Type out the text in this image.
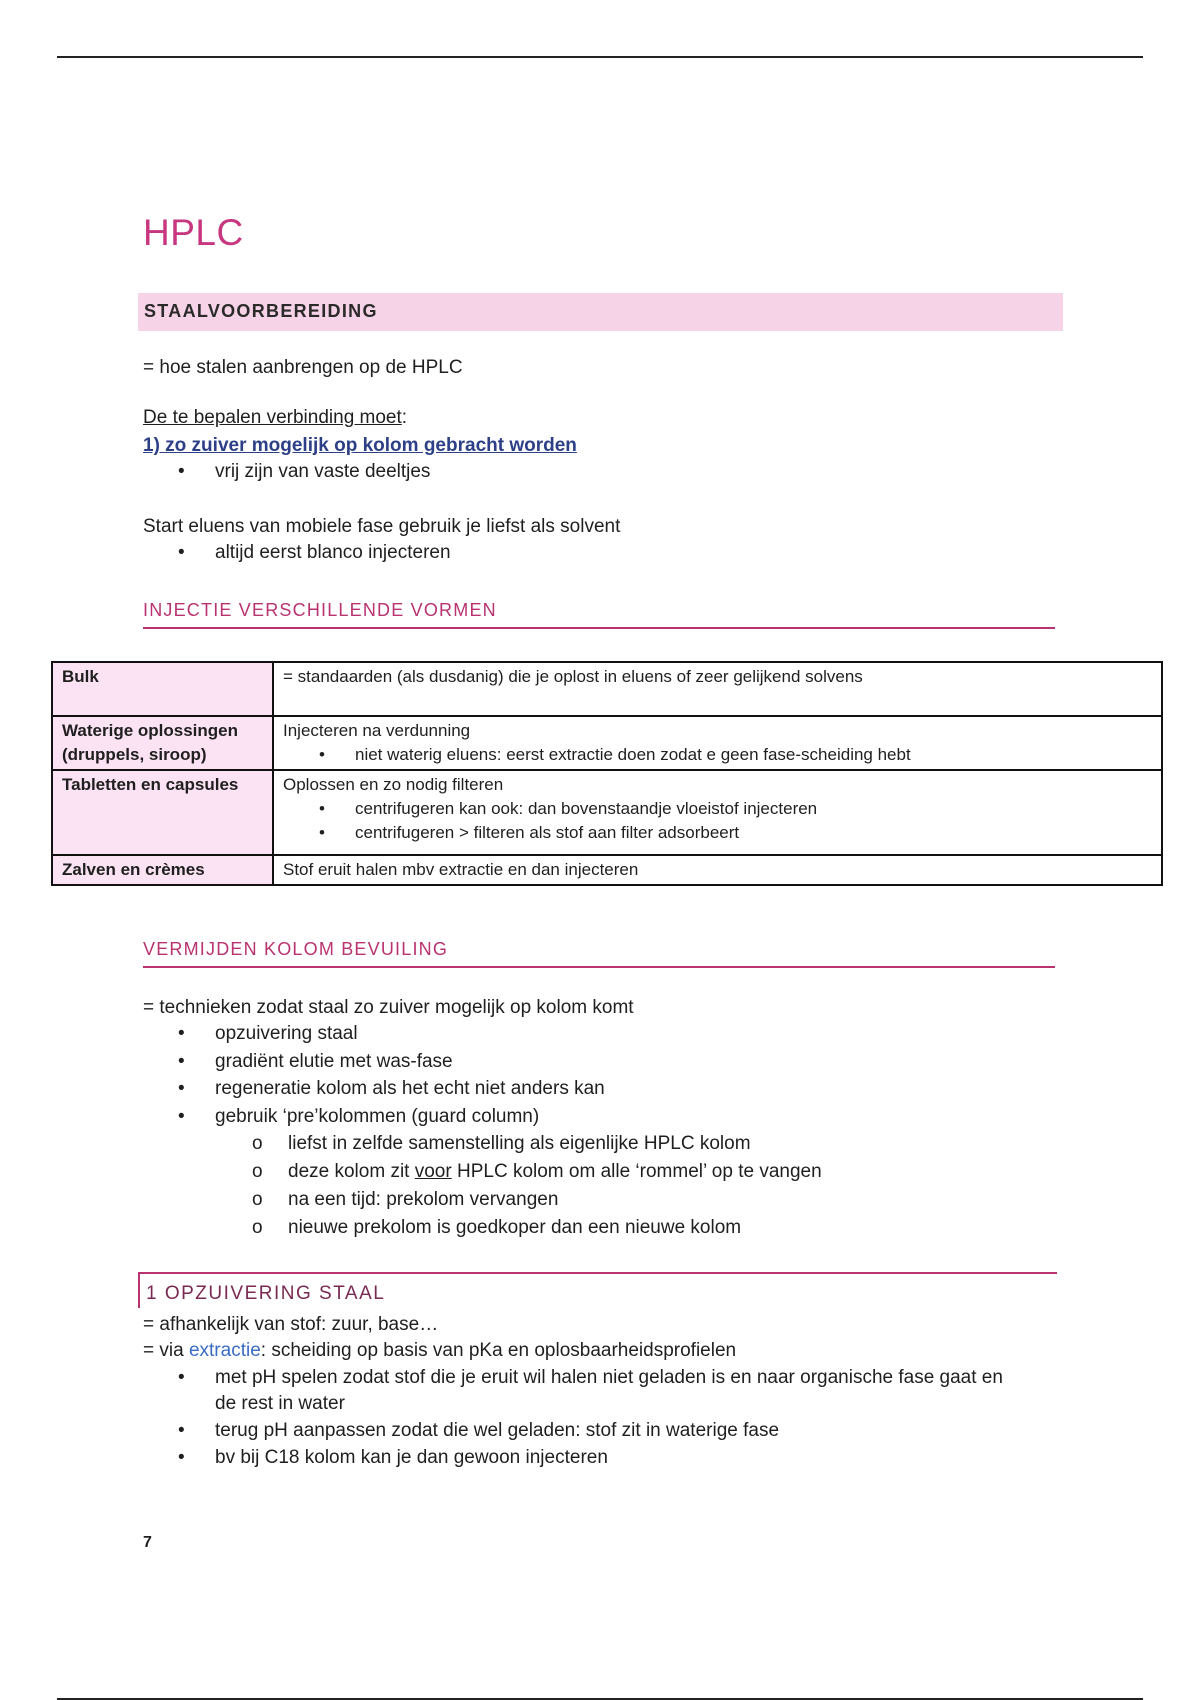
HPLC
STAALVOORBEREIDING
= hoe stalen aanbrengen op de HPLC
De te bepalen verbinding moet:
1) zo zuiver mogelijk op kolom gebracht worden
• vrij zijn van vaste deeltjes
Start eluens van mobiele fase gebruik je liefst als solvent
• altijd eerst blanco injecteren
INJECTIE VERSCHILLENDE VORMEN
Bulk	= standaarden (als dusdanig) die je oplost in eluens of zeer gelijkend solvens

Waterige oplossingen (druppels, siroop)	Injecteren na verdunning
• niet waterig eluens: eerst extractie doen zodat e geen fase-scheiding hebt

Tabletten en capsules	Oplossen en zo nodig filteren
• centrifugeren kan ook: dan bovenstaandje vloeistof injecteren
• centrifugeren > filteren als stof aan filter adsorbeert

Zalven en crèmes	Stof eruit halen mbv extractie en dan injecteren
VERMIJDEN KOLOM BEVUILING
= technieken zodat staal zo zuiver mogelijk op kolom komt
• opzuivering staal
• gradiënt elutie met was-fase
• regeneratie kolom als het echt niet anders kan
• gebruik ‘pre’kolommen (guard column)
o liefst in zelfde samenstelling als eigenlijke HPLC kolom
o deze kolom zit voor HPLC kolom om alle ‘rommel’ op te vangen
o na een tijd: prekolom vervangen
o nieuwe prekolom is goedkoper dan een nieuwe kolom
1 OPZUIVERING STAAL
= afhankelijk van stof: zuur, base…
= via extractie: scheiding op basis van pKa en oplosbaarheidsprofielen
• met pH spelen zodat stof die je eruit wil halen niet geladen is en naar organische fase gaat en
de rest in water
• terug pH aanpassen zodat die wel geladen: stof zit in waterige fase
• bv bij C18 kolom kan je dan gewoon injecteren
7
